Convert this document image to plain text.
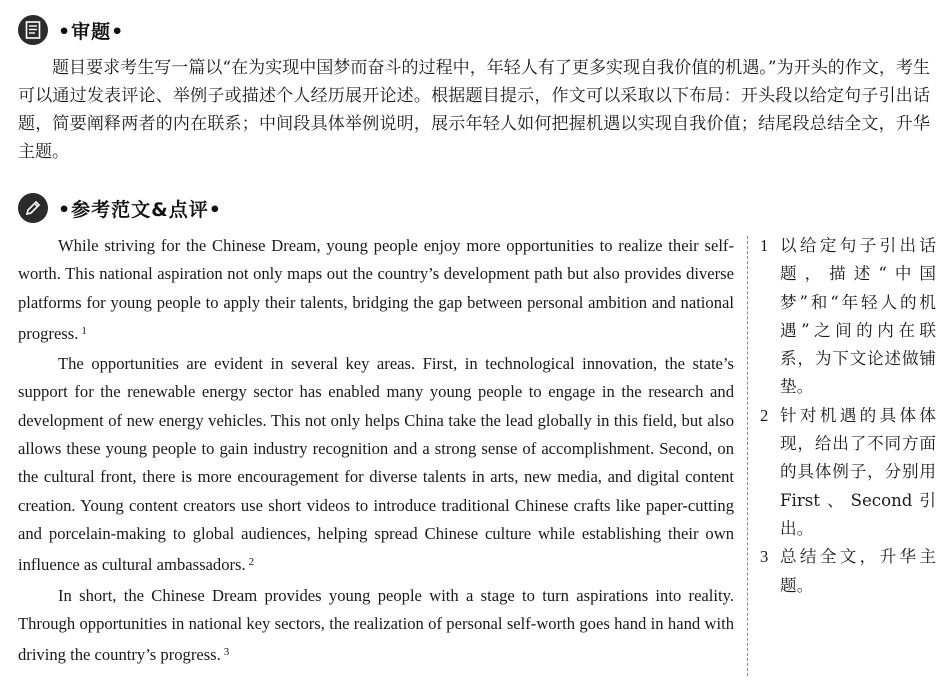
•审题•

题目要求考生写一篇以“在为实现中国梦而奋斗的过程中，年轻人有了更多实现自我价值的机遇。”为开头的作文，考生可以通过发表评论、举例子或描述个人经历展开论述。根据题目提示，作文可以采取以下布局：开头段以给定句子引出话题，简要阐释两者的内在联系；中间段具体举例说明，展示年轻人如何把握机遇以实现自我价值；结尾段总结全文，升华主题。

•参考范文&点评•

While striving for the Chinese Dream, young people enjoy more opportunities to realize their self-worth. This national aspiration not only maps out the country’s development path but also provides diverse platforms for young people to apply their talents, bridging the gap between personal ambition and national progress. $^1$

The opportunities are evident in several key areas. First, in technological innovation, the state’s support for the renewable energy sector has enabled many young people to engage in the research and development of new energy vehicles. This not only helps China take the lead globally in this field, but also allows these young people to gain industry recognition and a strong sense of accomplishment. Second, on the cultural front, there is more encouragement for diverse talents in arts, new media, and digital content creation. Young content creators use short videos to introduce traditional Chinese crafts like paper-cutting and porcelain-making to global audiences, helping spread Chinese culture while establishing their own influence as cultural ambassadors. $^2$

In short, the Chinese Dream provides young people with a stage to turn aspirations into reality. Through opportunities in national key sectors, the realization of personal self-worth goes hand in hand with driving the country’s progress. $^3$

1 以给定句子引出话题，描述“中国梦”和“年轻人的机遇”之间的内在联系，为下文论述做铺垫。
2 针对机遇的具体体现，给出了不同方面的具体例子，分别用First、Second引出。
3 总结全文，升华主题。
